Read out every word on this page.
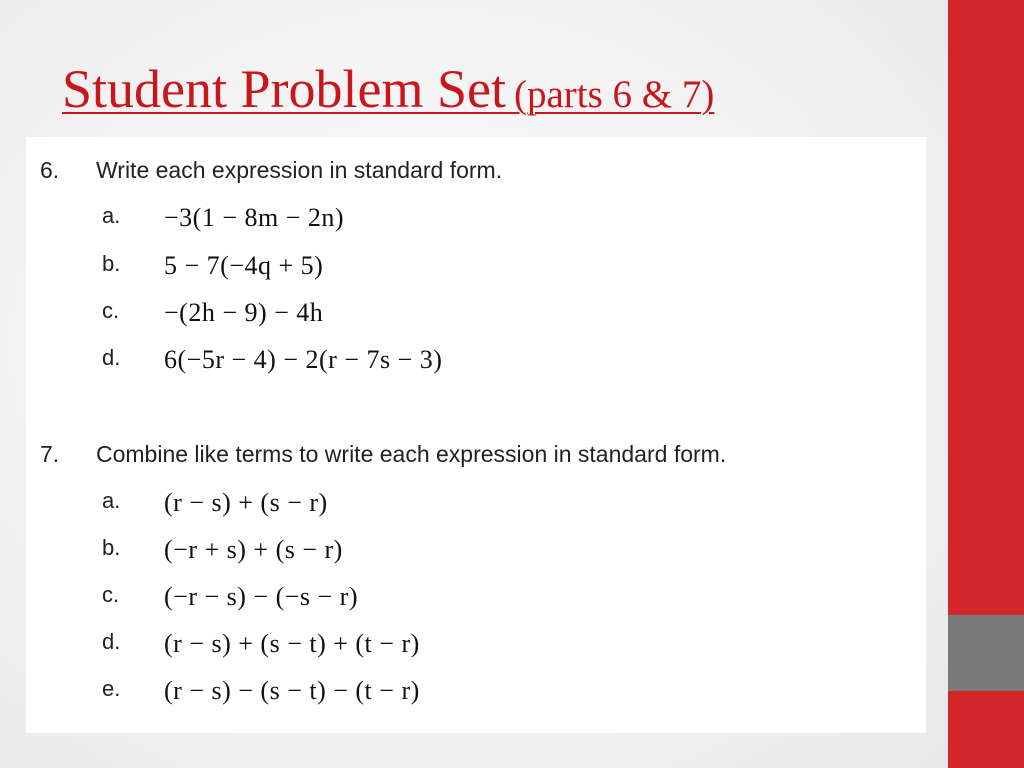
Student Problem Set (parts 6 & 7)
6. Write each expression in standard form.
a. −3(1 − 8m − 2n)
b. 5 − 7(−4q + 5)
c. −(2h − 9) − 4h
d. 6(−5r − 4) − 2(r − 7s − 3)
7. Combine like terms to write each expression in standard form.
a. (r − s) + (s − r)
b. (−r + s) + (s − r)
c. (−r − s) − (−s − r)
d. (r − s) + (s − t) + (t − r)
e. (r − s) − (s − t) − (t − r)
